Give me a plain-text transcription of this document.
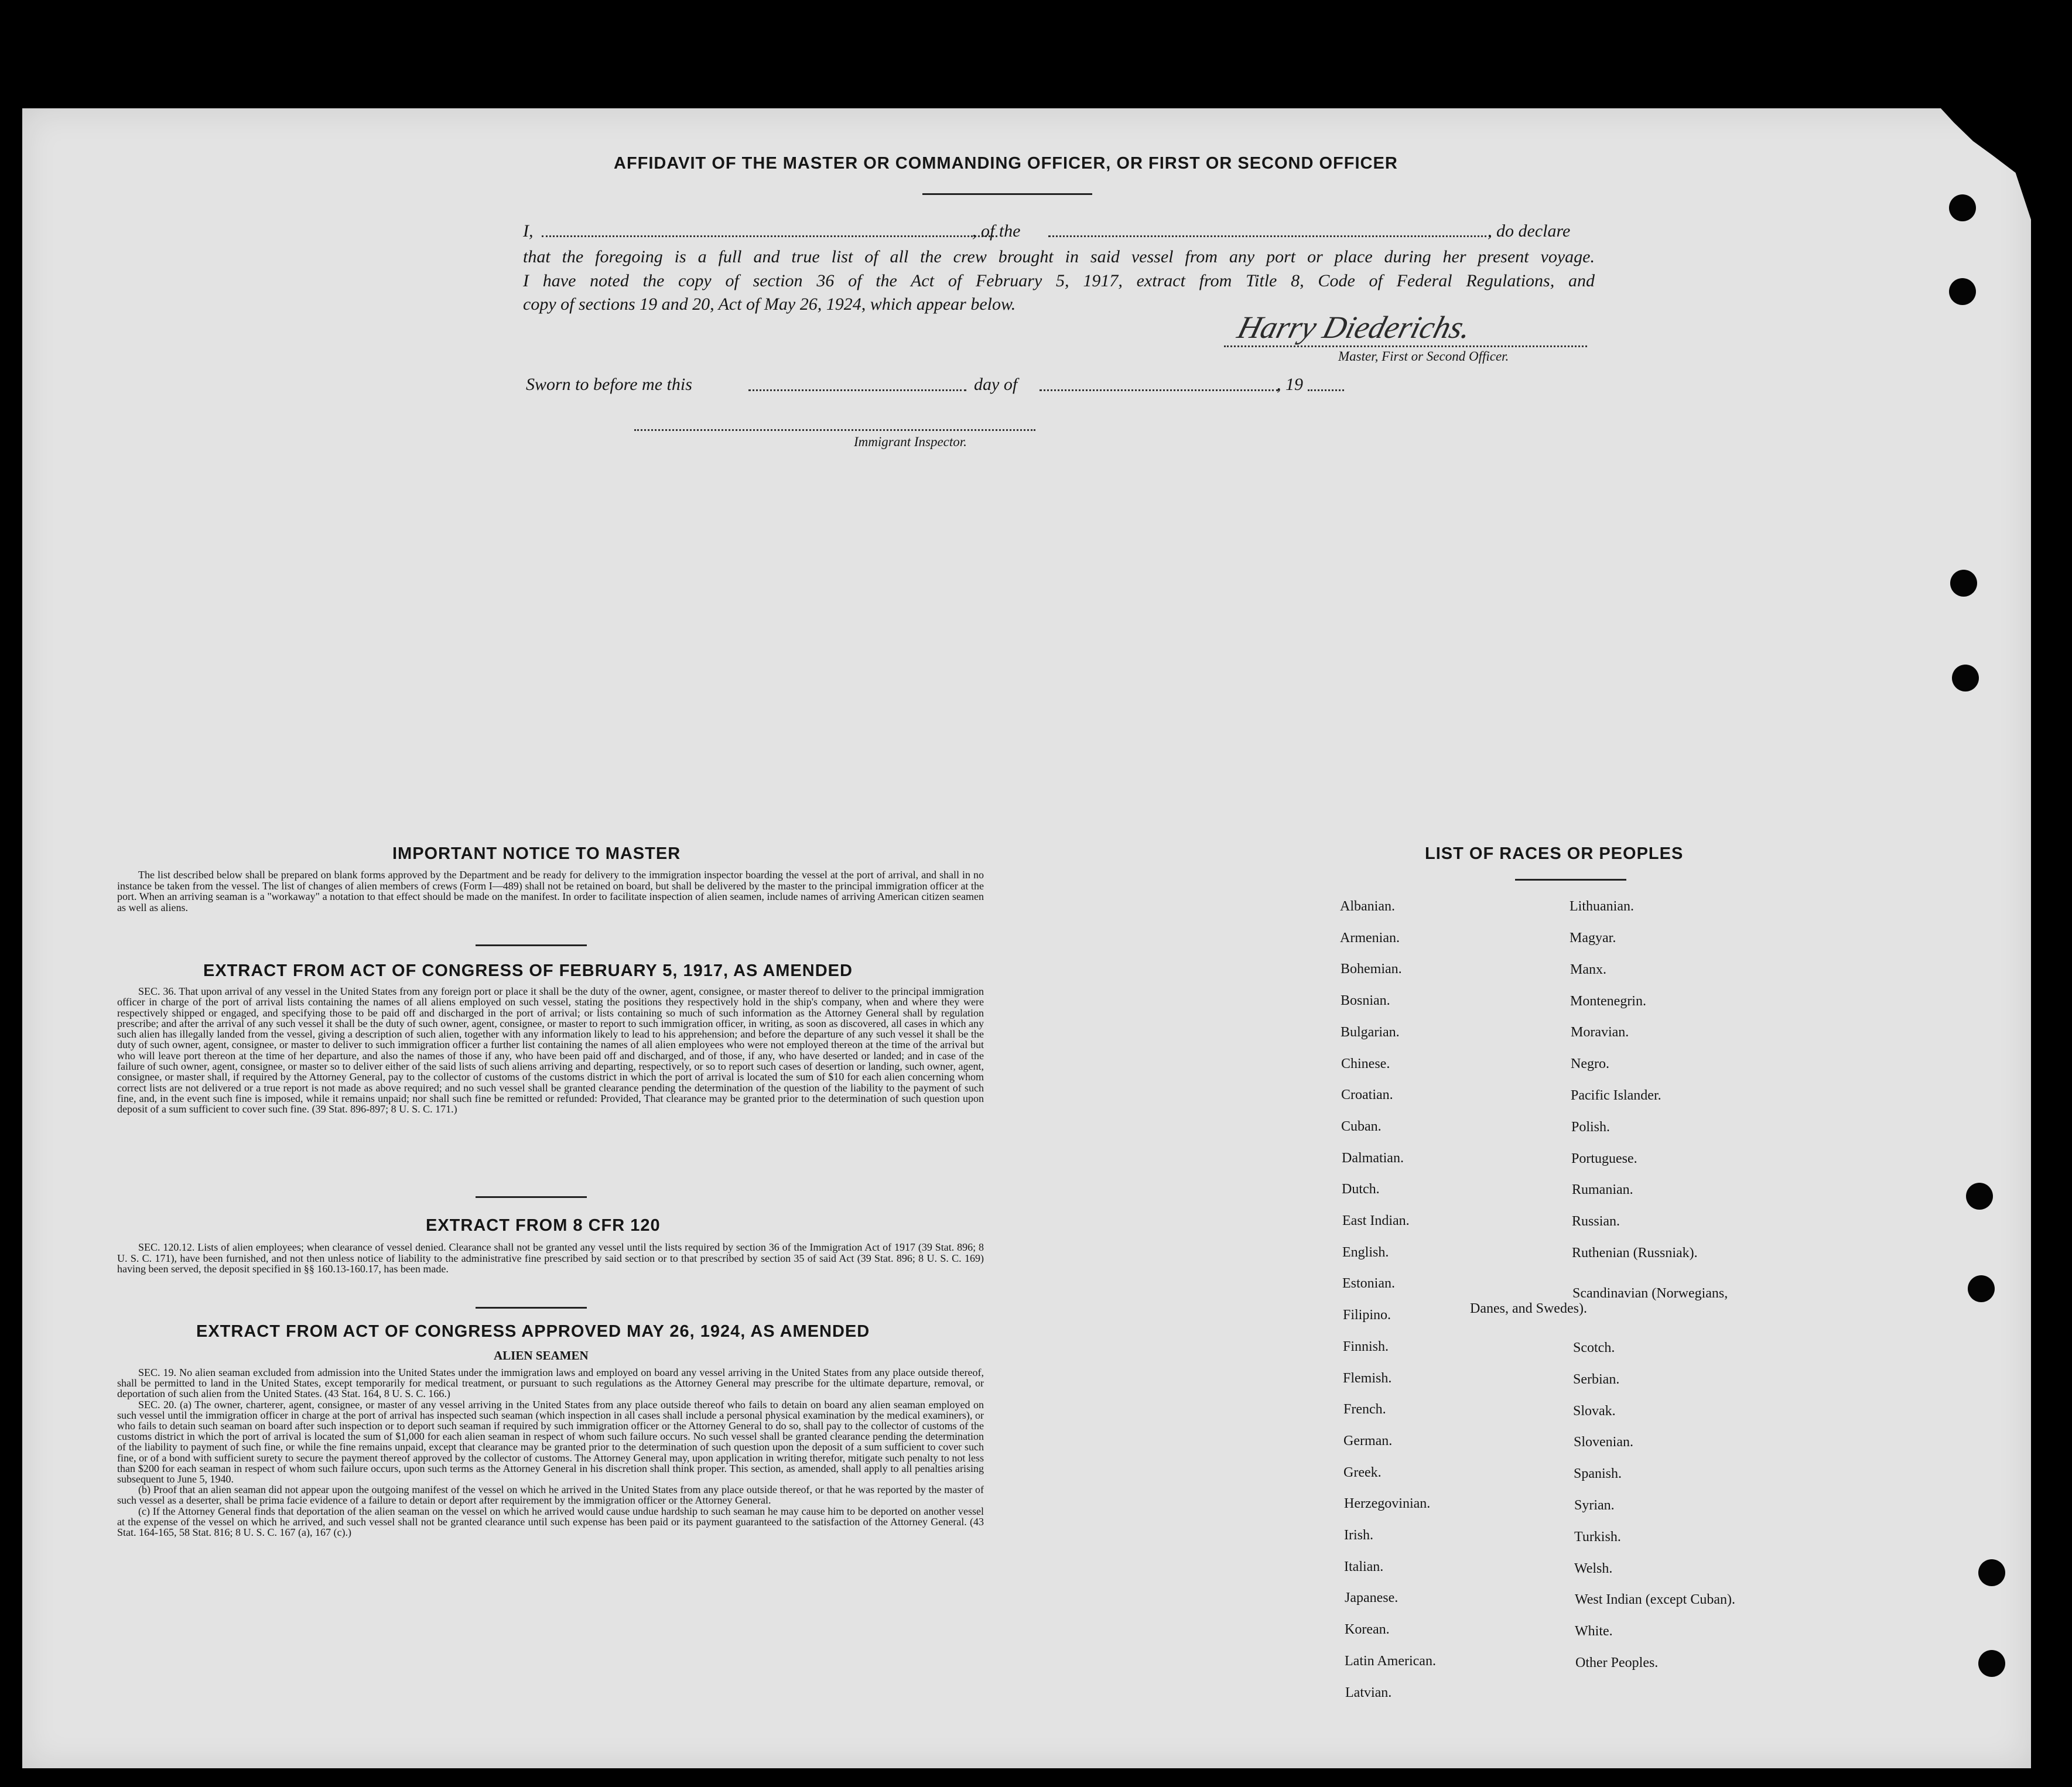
AFFIDAVIT OF THE MASTER OR COMMANDING OFFICER, OR FIRST OR SECOND OFFICER
I,	, of the	, do declare
that the foregoing is a full and true list of all the crew brought in said vessel from any port or place during her present voyage.
I have noted the copy of section 36 of the Act of February 5, 1917, extract from Title 8, Code of Federal Regulations, and
copy of sections 19 and 20, Act of May 26, 1924, which appear below.
Harry Diederichs.
Master, First or Second Officer.
Sworn to before me this	day of	, 19
Immigrant Inspector.
IMPORTANT NOTICE TO MASTER

The list described below shall be prepared on blank forms approved by the Department and be ready for delivery to the immigration inspector boarding the vessel at the port of arrival, and shall in no instance be taken from the vessel. The list of changes of alien members of crews (Form I—489) shall not be retained on board, but shall be delivered by the master to the principal immigration officer at the port. When an arriving seaman is a "workaway" a notation to that effect should be made on the manifest. In order to facilitate inspection of alien seamen, include names of arriving American citizen seamen as well as aliens.

EXTRACT FROM ACT OF CONGRESS OF FEBRUARY 5, 1917, AS AMENDED

SEC. 36. That upon arrival of any vessel in the United States from any foreign port or place it shall be the duty of the owner, agent, consignee, or master thereof to deliver to the principal immigration officer in charge of the port of arrival lists containing the names of all aliens employed on such vessel, stating the positions they respectively hold in the ship's company, when and where they were respectively shipped or engaged, and specifying those to be paid off and discharged in the port of arrival; or lists containing so much of such information as the Attorney General shall by regulation prescribe; and after the arrival of any such vessel it shall be the duty of such owner, agent, consignee, or master to report to such immigration officer, in writing, as soon as discovered, all cases in which any such alien has illegally landed from the vessel, giving a description of such alien, together with any information likely to lead to his apprehension; and before the departure of any such vessel it shall be the duty of such owner, agent, consignee, or master to deliver to such immigration officer a further list containing the names of all alien employees who were not employed thereon at the time of the arrival but who will leave port thereon at the time of her departure, and also the names of those if any, who have been paid off and discharged, and of those, if any, who have deserted or landed; and in case of the failure of such owner, agent, consignee, or master so to deliver either of the said lists of such aliens arriving and departing, respectively, or so to report such cases of desertion or landing, such owner, agent, consignee, or master shall, if required by the Attorney General, pay to the collector of customs of the customs district in which the port of arrival is located the sum of $10 for each alien concerning whom correct lists are not delivered or a true report is not made as above required; and no such vessel shall be granted clearance pending the determination of the question of the liability to the payment of such fine, and, in the event such fine is imposed, while it remains unpaid; nor shall such fine be remitted or refunded: Provided, That clearance may be granted prior to the determination of such question upon deposit of a sum sufficient to cover such fine. (39 Stat. 896-897; 8 U. S. C. 171.)

EXTRACT FROM 8 CFR 120

SEC. 120.12. Lists of alien employees; when clearance of vessel denied. Clearance shall not be granted any vessel until the lists required by section 36 of the Immigration Act of 1917 (39 Stat. 896; 8 U. S. C. 171), have been furnished, and not then unless notice of liability to the administrative fine prescribed by said section or to that prescribed by section 35 of said Act (39 Stat. 896; 8 U. S. C. 169) having been served, the deposit specified in §§ 160.13-160.17, has been made.

EXTRACT FROM ACT OF CONGRESS APPROVED MAY 26, 1924, AS AMENDED
ALIEN SEAMEN

SEC. 19. No alien seaman excluded from admission into the United States under the immigration laws and employed on board any vessel arriving in the United States from any place outside thereof, shall be permitted to land in the United States, except temporarily for medical treatment, or pursuant to such regulations as the Attorney General may prescribe for the ultimate departure, removal, or deportation of such alien from the United States. (43 Stat. 164, 8 U. S. C. 166.)

SEC. 20. (a) The owner, charterer, agent, consignee, or master of any vessel arriving in the United States from any place outside thereof who fails to detain on board any alien seaman employed on such vessel until the immigration officer in charge at the port of arrival has inspected such seaman (which inspection in all cases shall include a personal physical examination by the medical examiners), or who fails to detain such seaman on board after such inspection or to deport such seaman if required by such immigration officer or the Attorney General to do so, shall pay to the collector of customs of the customs district in which the port of arrival is located the sum of $1,000 for each alien seaman in respect of whom such failure occurs. No such vessel shall be granted clearance pending the determination of the liability to payment of such fine, or while the fine remains unpaid, except that clearance may be granted prior to the determination of such question upon the deposit of a sum sufficient to cover such fine, or of a bond with sufficient surety to secure the payment thereof approved by the collector of customs. The Attorney General may, upon application in writing therefor, mitigate such penalty to not less than $200 for each seaman in respect of whom such failure occurs, upon such terms as the Attorney General in his discretion shall think proper. This section, as amended, shall apply to all penalties arising subsequent to June 5, 1940.

(b) Proof that an alien seaman did not appear upon the outgoing manifest of the vessel on which he arrived in the United States from any place outside thereof, or that he was reported by the master of such vessel as a deserter, shall be prima facie evidence of a failure to detain or deport after requirement by the immigration officer or the Attorney General.

(c) If the Attorney General finds that deportation of the alien seaman on the vessel on which he arrived would cause undue hardship to such seaman he may cause him to be deported on another vessel at the expense of the vessel on which he arrived, and such vessel shall not be granted clearance until such expense has been paid or its payment guaranteed to the satisfaction of the Attorney General. (43 Stat. 164-165, 58 Stat. 816; 8 U. S. C. 167 (a), 167 (c).)

LIST OF RACES OR PEOPLES
Albanian.
Armenian.
Bohemian.
Bosnian.
Bulgarian.
Chinese.
Croatian.
Cuban.
Dalmatian.
Dutch.
East Indian.
English.
Estonian.
Filipino.
Finnish.
Flemish.
French.
German.
Greek.
Herzegovinian.
Irish.
Italian.
Japanese.
Korean.
Latin American.
Latvian.
Lithuanian.
Magyar.
Manx.
Montenegrin.
Moravian.
Negro.
Pacific Islander.
Polish.
Portuguese.
Rumanian.
Russian.
Ruthenian (Russniak).
Scandinavian (Norwegians,
Danes, and Swedes).
Scotch.
Serbian.
Slovak.
Slovenian.
Spanish.
Syrian.
Turkish.
Welsh.
West Indian (except Cuban).
White.
Other Peoples.
